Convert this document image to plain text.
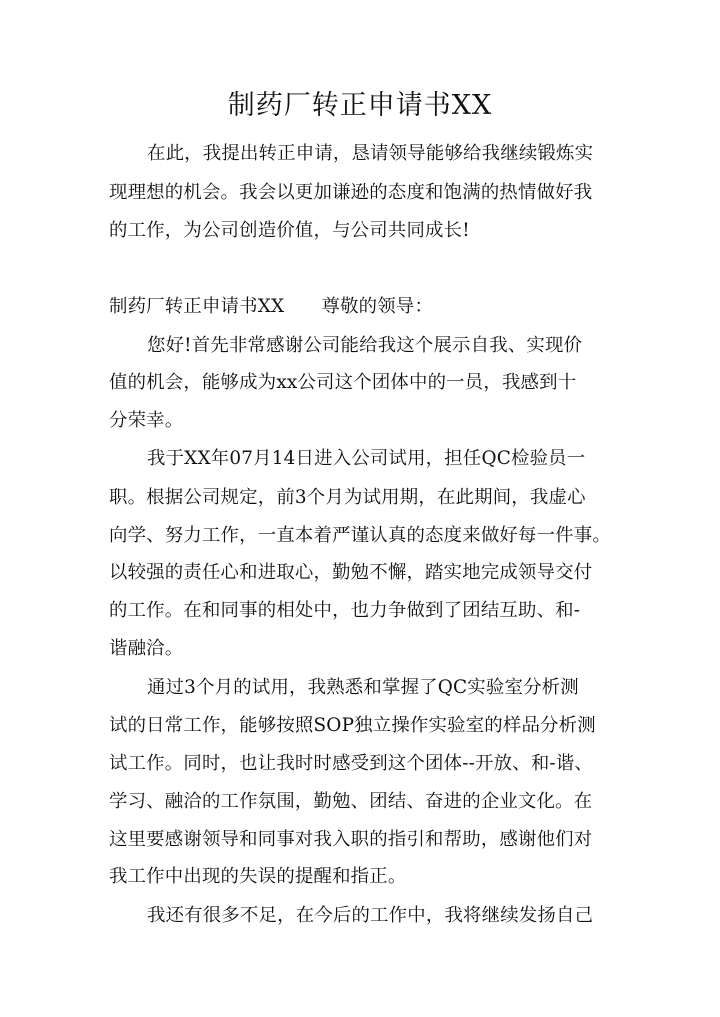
制药厂转正申请书XX
在此，我提出转正申请，恳请领导能够给我继续锻炼实
现理想的机会。我会以更加谦逊的态度和饱满的热情做好我
的工作，为公司创造价值，与公司共同成长!
制药厂转正申请书XX　　尊敬的领导：
您好!首先非常感谢公司能给我这个展示自我、实现价
值的机会，能够成为xx公司这个团体中的一员，我感到十
分荣幸。
我于XX年07月14日进入公司试用，担任QC检验员一
职。根据公司规定，前3个月为试用期，在此期间，我虚心
向学、努力工作，一直本着严谨认真的态度来做好每一件事。
以较强的责任心和进取心，勤勉不懈，踏实地完成领导交付
的工作。在和同事的相处中，也力争做到了团结互助、和-
谐融洽。
通过3个月的试用，我熟悉和掌握了QC实验室分析测
试的日常工作，能够按照SOP独立操作实验室的样品分析测
试工作。同时，也让我时时感受到这个团体--开放、和-谐、
学习、融洽的工作氛围，勤勉、团结、奋进的企业文化。在
这里要感谢领导和同事对我入职的指引和帮助，感谢他们对
我工作中出现的失误的提醒和指正。
我还有很多不足，在今后的工作中，我将继续发扬自己
